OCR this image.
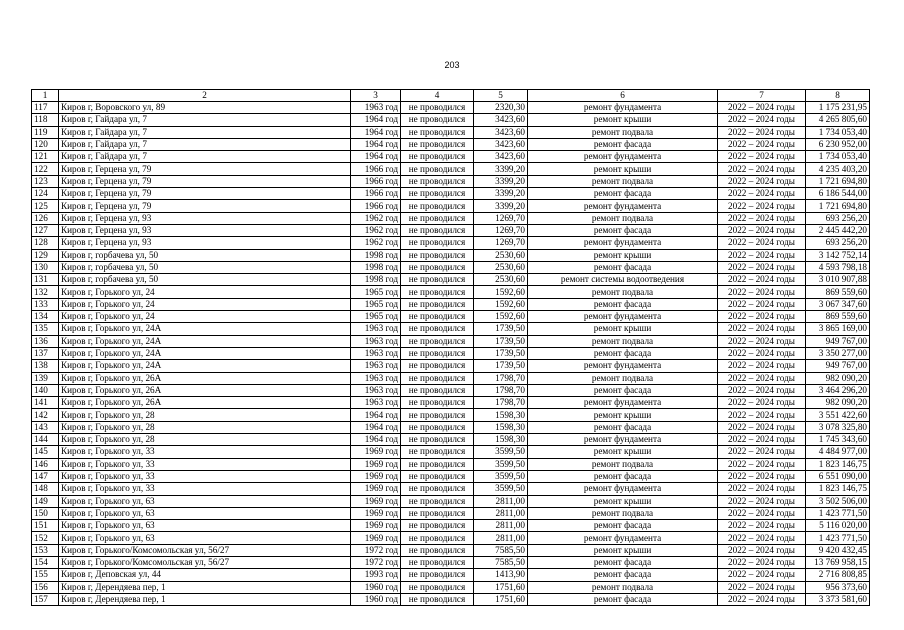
203
1	2	3	4	5	6	7	8
117	Киров г, Воровского ул, 89	1963 год	не проводился	2320,30	ремонт фундамента	2022 – 2024 годы	1 175 231,95
118	Киров г, Гайдара ул, 7	1964 год	не проводился	3423,60	ремонт крыши	2022 – 2024 годы	4 265 805,60
119	Киров г, Гайдара ул, 7	1964 год	не проводился	3423,60	ремонт подвала	2022 – 2024 годы	1 734 053,40
120	Киров г, Гайдара ул, 7	1964 год	не проводился	3423,60	ремонт фасада	2022 – 2024 годы	6 230 952,00
121	Киров г, Гайдара ул, 7	1964 год	не проводился	3423,60	ремонт фундамента	2022 – 2024 годы	1 734 053,40
122	Киров г, Герцена ул, 79	1966 год	не проводился	3399,20	ремонт крыши	2022 – 2024 годы	4 235 403,20
123	Киров г, Герцена ул, 79	1966 год	не проводился	3399,20	ремонт подвала	2022 – 2024 годы	1 721 694,80
124	Киров г, Герцена ул, 79	1966 год	не проводился	3399,20	ремонт фасада	2022 – 2024 годы	6 186 544,00
125	Киров г, Герцена ул, 79	1966 год	не проводился	3399,20	ремонт фундамента	2022 – 2024 годы	1 721 694,80
126	Киров г, Герцена ул, 93	1962 год	не проводился	1269,70	ремонт подвала	2022 – 2024 годы	693 256,20
127	Киров г, Герцена ул, 93	1962 год	не проводился	1269,70	ремонт фасада	2022 – 2024 годы	2 445 442,20
128	Киров г, Герцена ул, 93	1962 год	не проводился	1269,70	ремонт фундамента	2022 – 2024 годы	693 256,20
129	Киров г, горбачева ул, 50	1998 год	не проводился	2530,60	ремонт крыши	2022 – 2024 годы	3 142 752,14
130	Киров г, горбачева ул, 50	1998 год	не проводился	2530,60	ремонт фасада	2022 – 2024 годы	4 593 798,18
131	Киров г, горбачева ул, 50	1998 год	не проводился	2530,60	ремонт системы водоотведения	2022 – 2024 годы	3 010 907,88
132	Киров г, Горького ул, 24	1965 год	не проводился	1592,60	ремонт подвала	2022 – 2024 годы	869 559,60
133	Киров г, Горького ул, 24	1965 год	не проводился	1592,60	ремонт фасада	2022 – 2024 годы	3 067 347,60
134	Киров г, Горького ул, 24	1965 год	не проводился	1592,60	ремонт фундамента	2022 – 2024 годы	869 559,60
135	Киров г, Горького ул, 24А	1963 год	не проводился	1739,50	ремонт крыши	2022 – 2024 годы	3 865 169,00
136	Киров г, Горького ул, 24А	1963 год	не проводился	1739,50	ремонт подвала	2022 – 2024 годы	949 767,00
137	Киров г, Горького ул, 24А	1963 год	не проводился	1739,50	ремонт фасада	2022 – 2024 годы	3 350 277,00
138	Киров г, Горького ул, 24А	1963 год	не проводился	1739,50	ремонт фундамента	2022 – 2024 годы	949 767,00
139	Киров г, Горького ул, 26А	1963 год	не проводился	1798,70	ремонт подвала	2022 – 2024 годы	982 090,20
140	Киров г, Горького ул, 26А	1963 год	не проводился	1798,70	ремонт фасада	2022 – 2024 годы	3 464 296,20
141	Киров г, Горького ул, 26А	1963 год	не проводился	1798,70	ремонт фундамента	2022 – 2024 годы	982 090,20
142	Киров г, Горького ул, 28	1964 год	не проводился	1598,30	ремонт крыши	2022 – 2024 годы	3 551 422,60
143	Киров г, Горького ул, 28	1964 год	не проводился	1598,30	ремонт фасада	2022 – 2024 годы	3 078 325,80
144	Киров г, Горького ул, 28	1964 год	не проводился	1598,30	ремонт фундамента	2022 – 2024 годы	1 745 343,60
145	Киров г, Горького ул, 33	1969 год	не проводился	3599,50	ремонт крыши	2022 – 2024 годы	4 484 977,00
146	Киров г, Горького ул, 33	1969 год	не проводился	3599,50	ремонт подвала	2022 – 2024 годы	1 823 146,75
147	Киров г, Горького ул, 33	1969 год	не проводился	3599,50	ремонт фасада	2022 – 2024 годы	6 551 090,00
148	Киров г, Горького ул, 33	1969 год	не проводился	3599,50	ремонт фундамента	2022 – 2024 годы	1 823 146,75
149	Киров г, Горького ул, 63	1969 год	не проводился	2811,00	ремонт крыши	2022 – 2024 годы	3 502 506,00
150	Киров г, Горького ул, 63	1969 год	не проводился	2811,00	ремонт подвала	2022 – 2024 годы	1 423 771,50
151	Киров г, Горького ул, 63	1969 год	не проводился	2811,00	ремонт фасада	2022 – 2024 годы	5 116 020,00
152	Киров г, Горького ул, 63	1969 год	не проводился	2811,00	ремонт фундамента	2022 – 2024 годы	1 423 771,50
153	Киров г, Горького/Комсомольская ул, 56/27	1972 год	не проводился	7585,50	ремонт крыши	2022 – 2024 годы	9 420 432,45
154	Киров г, Горького/Комсомольская ул, 56/27	1972 год	не проводился	7585,50	ремонт фасада	2022 – 2024 годы	13 769 958,15
155	Киров г, Деповская ул, 44	1993 год	не проводился	1413,90	ремонт фасада	2022 – 2024 годы	2 716 808,85
156	Киров г, Дерендяева пер, 1	1960 год	не проводился	1751,60	ремонт подвала	2022 – 2024 годы	956 373,60
157	Киров г, Дерендяева пер, 1	1960 год	не проводился	1751,60	ремонт фасада	2022 – 2024 годы	3 373 581,60
